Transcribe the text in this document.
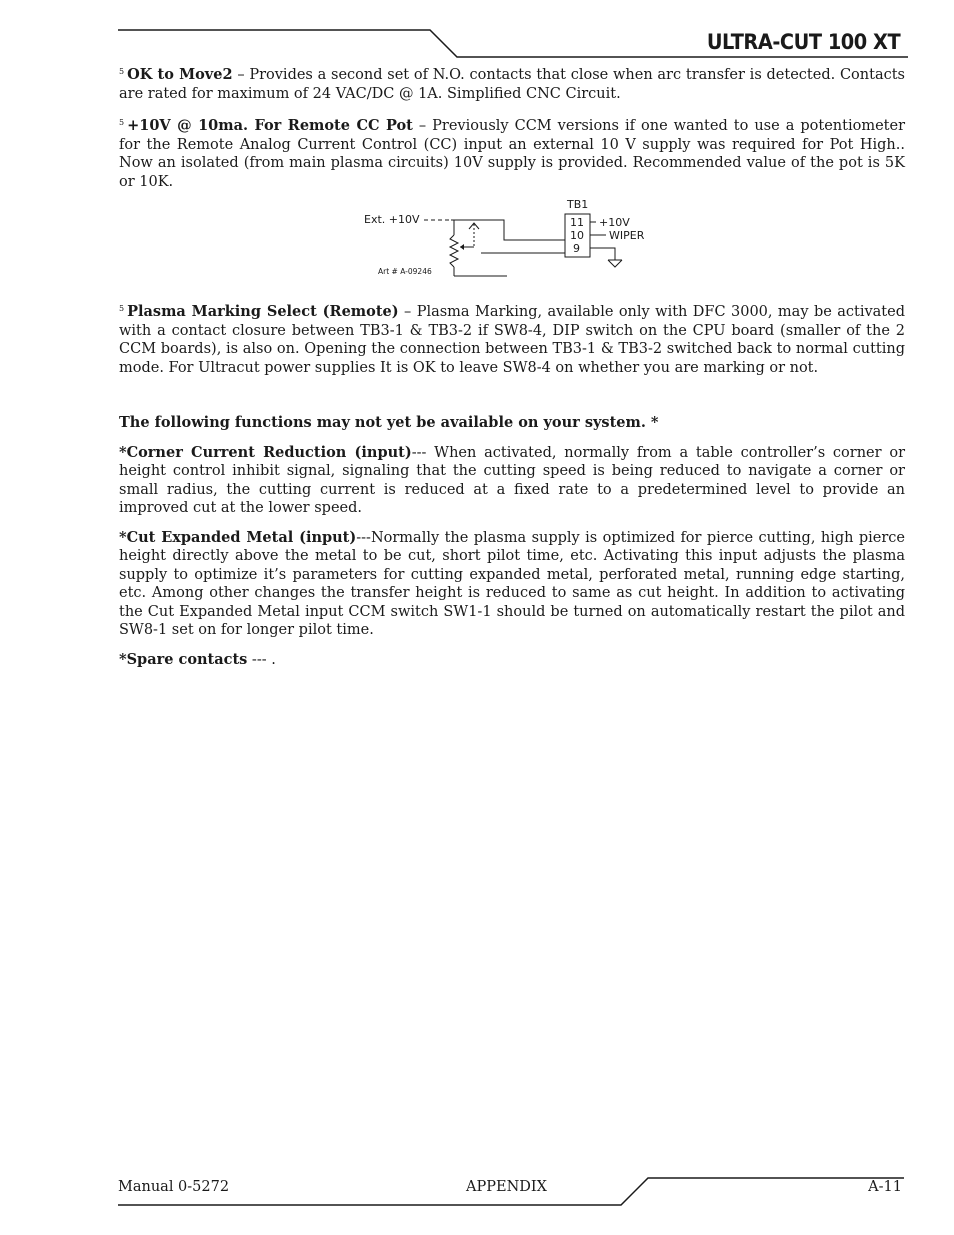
ULTRA-CUT 100 XT

$^5$ OK to Move2 – Provides a second set of N.O. contacts that close when arc transfer is detected. Contacts are rated for maximum of 24 VAC/DC @ 1A. Simplified CNC Circuit.

$^5$ +10V @ 10ma. For Remote CC Pot – Previously CCM versions if one wanted to use a potentiometer for the Remote Analog Current Control (CC) input an external 10 V supply was required for Pot High.. Now an isolated (from main plasma circuits) 10V supply is provided. Recommended value of the pot is 5K or 10K.

Ext. +10V
TB1
11
10
9
+10V
WIPER
Art # A-09246

$^5$ Plasma Marking Select (Remote) – Plasma Marking, available only with DFC 3000, may be activated with a contact closure between TB3-1 & TB3-2 if SW8-4, DIP switch on the CPU board (smaller of the 2 CCM boards), is also on. Opening the connection between TB3-1 & TB3-2 switched back to normal cutting mode. For Ultracut power supplies It is OK to leave SW8-4 on whether you are marking or not.

The following functions may not yet be available on your system. *

*Corner Current Reduction (input)--- When activated, normally from a table controller’s corner or height control inhibit signal, signaling that the cutting speed is being reduced to navigate a corner or small radius, the cutting current is reduced at a fixed rate to a predetermined level to provide an improved cut at the lower speed.

*Cut Expanded Metal (input)---Normally the plasma supply is optimized for pierce cutting, high pierce height directly above the metal to be cut, short pilot time, etc. Activating this input adjusts the plasma supply to optimize it’s parameters for cutting expanded metal, perforated metal, running edge starting, etc. Among other changes the transfer height is reduced to same as cut height. In addition to activating the Cut Expanded Metal input CCM switch SW1-1 should be turned on automatically restart the pilot and SW8-1 set on for longer pilot time.

*Spare contacts --- .

Manual 0-5272	APPENDIX	A-11
